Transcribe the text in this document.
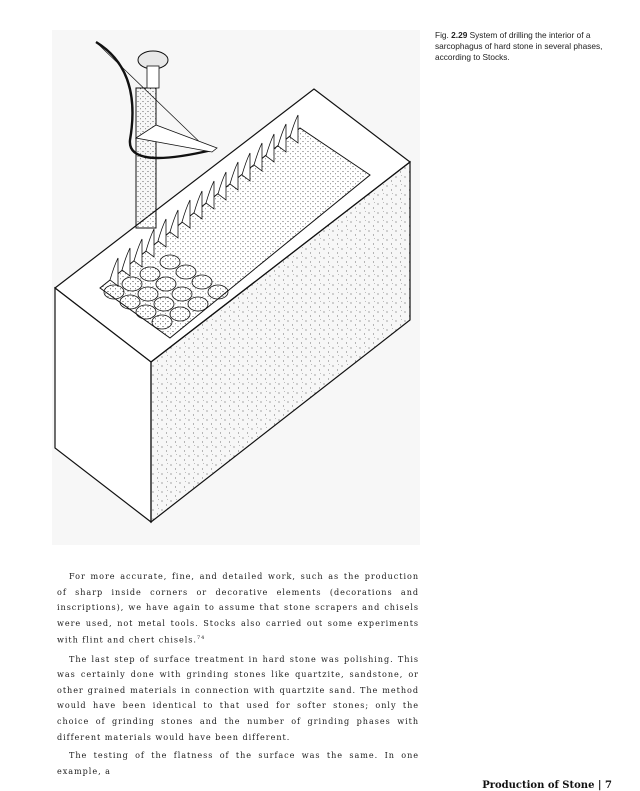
Fig. 2.29 System of drilling the interior of a sarcophagus of hard stone in several phases, according to Stocks.

For more accurate, fine, and detailed work, such as the production of sharp inside corners or decorative elements (decorations and inscriptions), we have again to assume that stone scrapers and chisels were used, not metal tools. Stocks also carried out some experiments with flint and chert chisels.$^{74}$

The last step of surface treatment in hard stone was polishing. This was certainly done with grinding stones like quartzite, sandstone, or other grained materials in connection with quartzite sand. The method would have been identical to that used for softer stones; only the choice of grinding stones and the number of grinding phases with different materials would have been different.

The testing of the flatness of the surface was the same. In one example, a

Production of Stone | 7
